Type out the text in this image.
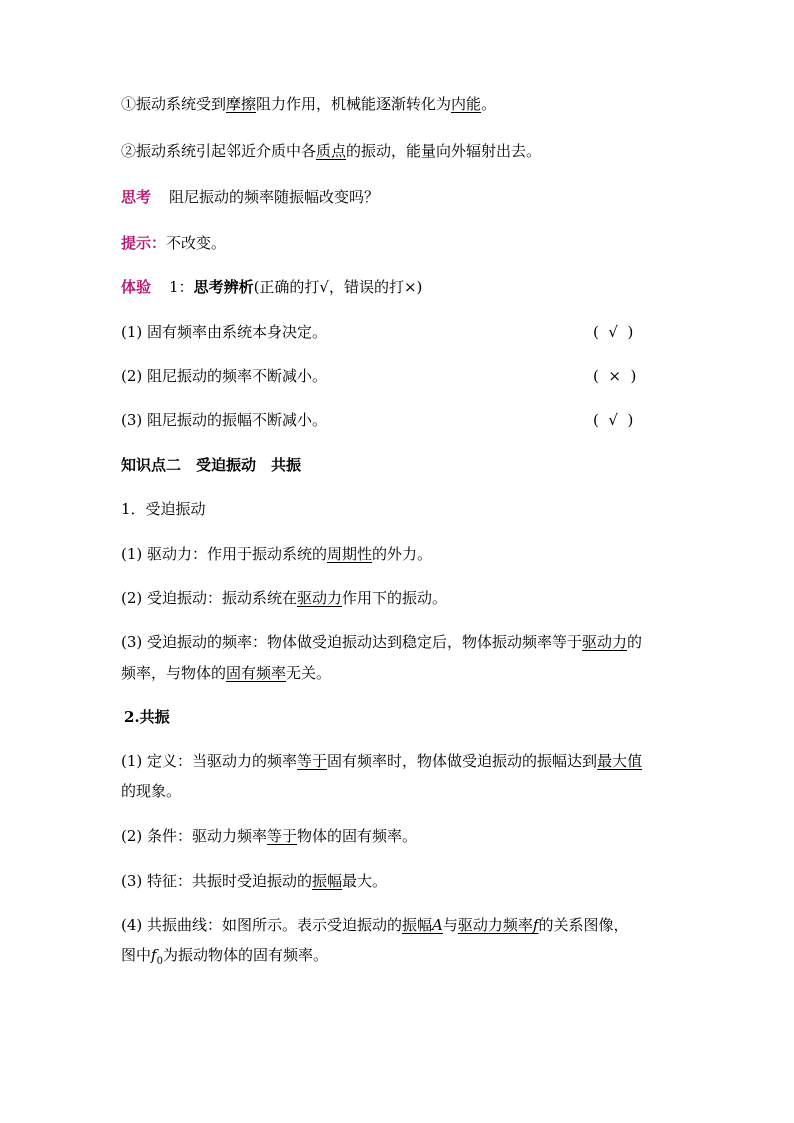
①振动系统受到摩擦阻力作用，机械能逐渐转化为内能。
②振动系统引起邻近介质中各质点的振动，能量向外辐射出去。
思考 阻尼振动的频率随振幅改变吗？
提示：不改变。
体验 1：思考辨析(正确的打√，错误的打×)
(1) 固有频率由系统本身决定。	(  √  )
(2) 阻尼振动的频率不断减小。	(  ×  )
(3) 阻尼振动的振幅不断减小。	(  √  )
知识点二　受迫振动　共振
1．受迫振动
(1) 驱动力：作用于振动系统的周期性的外力。
(2) 受迫振动：振动系统在驱动力作用下的振动。
(3) 受迫振动的频率：物体做受迫振动达到稳定后，物体振动频率等于驱动力的
频率，与物体的固有频率无关。
2.共振
(1) 定义：当驱动力的频率等于固有频率时，物体做受迫振动的振幅达到最大值
的现象。
(2) 条件：驱动力频率等于物体的固有频率。
(3) 特征：共振时受迫振动的振幅最大。
(4) 共振曲线：如图所示。表示受迫振动的振幅A与驱动力频率f的关系图像，
图中$f_0$为振动物体的固有频率。
